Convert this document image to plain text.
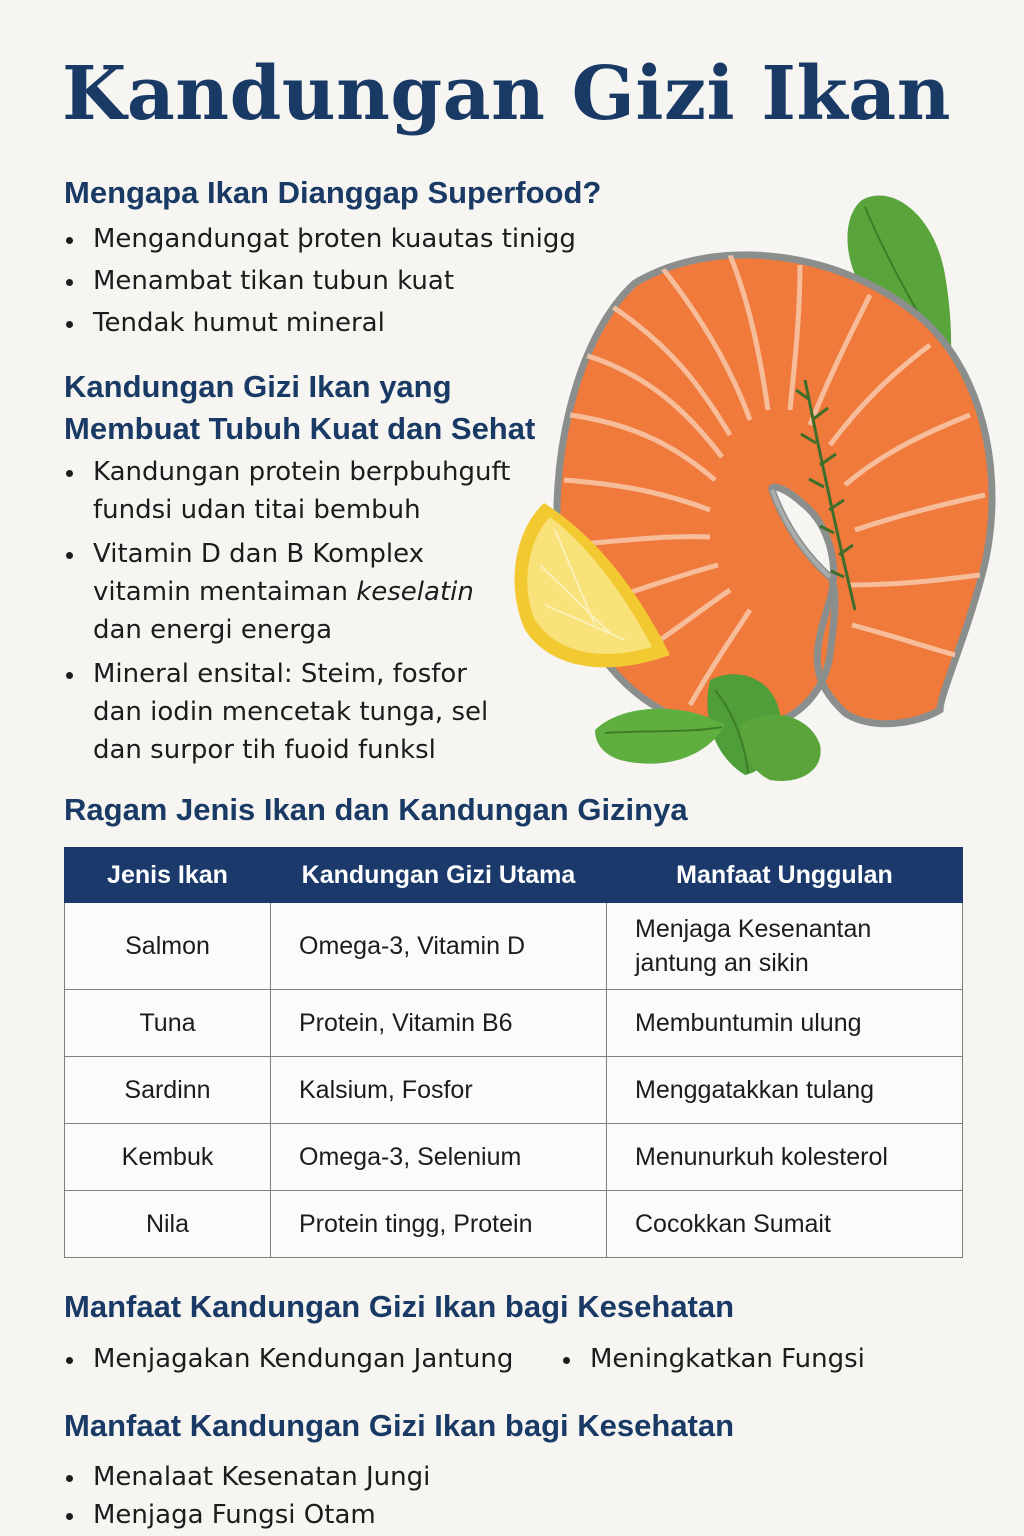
Kandungan Gizi Ikan
Mengapa Ikan Dianggap Superfood?
Mengandungat þroten kuautas tinigg
Menambat tikan tubun kuat
Tendak humut mineral
Kandungan Gizi Ikan yang
Membuat Tubuh Kuat dan Sehat
Kandungan protein berpbuhguft
fundsi udan titai bembuh
Vitamin D dan B Komplex
vitamin mentaiman keselatin
dan energi energa
Mineral ensital: Steim, fosfor
dan iodin mencetak tunga, sel
dan surpor tih fuoid funksl
Ragam Jenis Ikan dan Kandungan Gizinya
Jenis Ikan	Kandungan Gizi Utama	Manfaat Unggulan
Salmon	Omega-3, Vitamin D	Menjaga Kesenantan jantung an sikin
Tuna	Protein, Vitamin B6	Membuntumin ulung
Sardinn	Kalsium, Fosfor	Menggatakkan tulang
Kembuk	Omega-3, Selenium	Menunurkuh kolesterol
Nila	Protein tingg, Protein	Cocokkan Sumait
Manfaat Kandungan Gizi Ikan bagi Kesehatan
Menjagakan Kendungan Jantung	Meningkatkan Fungsi
Manfaat Kandungan Gizi Ikan bagi Kesehatan
Menalaat Kesenatan Jungi
Menjaga Fungsi Otam
